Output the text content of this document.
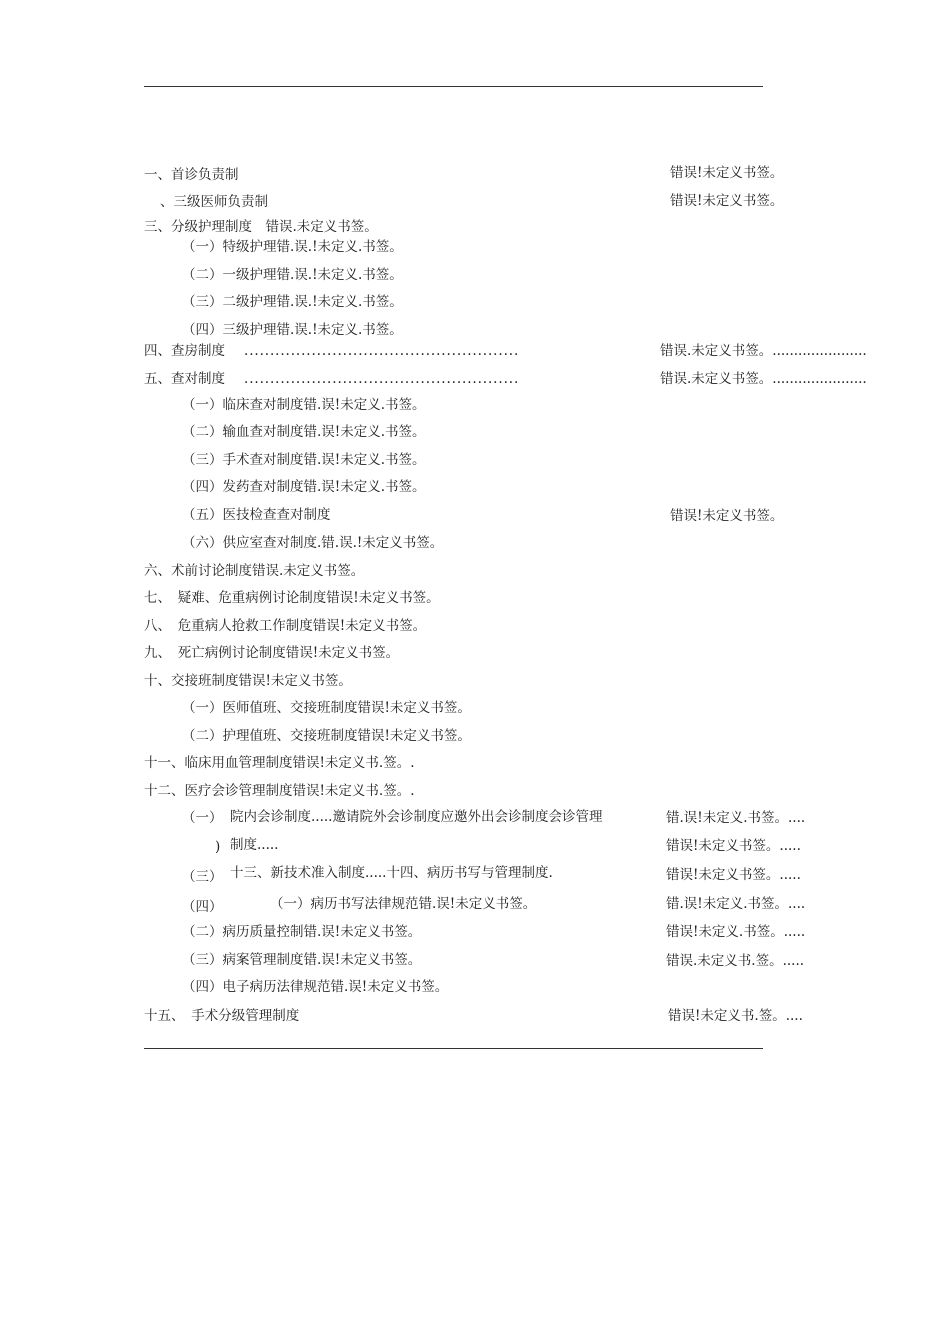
一、首诊负责制	错误!未定义书签。
、三级医师负责制	错误!未定义书签。
三、分级护理制度　错误.未定义书签。
（一）特级护理错.误.!未定义.书签。
（二）一级护理错.误.!未定义.书签。
（三）二级护理错.误.!未定义.书签。
（四）三级护理错.误.!未定义.书签。
四、查房制度 .....................................................	错误.未定义书签。......................
五、查对制度 .....................................................	错误.未定义书签。......................
（一）临床查对制度错.误!未定义.书签。
（二）输血查对制度错.误!未定义.书签。
（三）手术查对制度错.误!未定义.书签。
（四）发药查对制度错.误!未定义.书签。
（五）医技检查查对制度	错误!未定义书签。
（六）供应室查对制度.错.误.!未定义书签。
六、术前讨论制度错误.未定义书签。
七、　疑难、危重病例讨论制度错误!未定义书签。
八、　危重病人抢救工作制度错误!未定义书签。
九、　死亡病例讨论制度错误!未定义书签。
十、交接班制度错误!未定义书签。
（一）医师值班、交接班制度错误!未定义书签。
（二）护理值班、交接班制度错误!未定义书签。
十一、临床用血管理制度错误!未定义书.签。.
十二、医疗会诊管理制度错误!未定义书.签。.
（一） 院内会诊制度.....邀请院外会诊制度应邀外出会诊制度会诊管理	错.误!未定义.书签。....
) 制度.....	错误!未定义书签。.....
（三） 十三、新技术准入制度.....十四、病历书写与管理制度.	错误!未定义书签。.....
（四）	（一）病历书写法律规范错.误!未定义书签。	错.误!未定义.书签。....
（二）病历质量控制错.误!未定义书签。	错误!未定义.书签。.....
（三）病案管理制度错.误!未定义书签。	错误.未定义书.签。.....
（四）电子病历法律规范错.误!未定义书签。
十五、　手术分级管理制度	错误!未定义书.签。....
